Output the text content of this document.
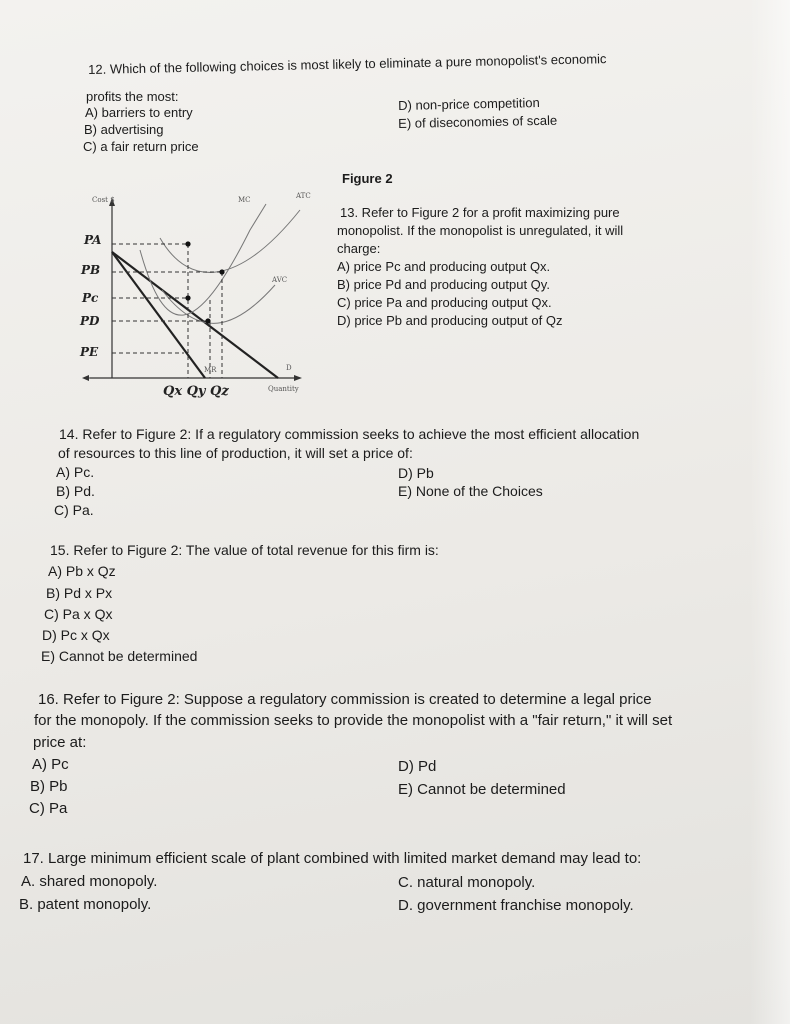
12. Which of the following choices is most likely to eliminate a pure monopolist's economic
profits the most:
A) barriers to entry
B) advertising
C) a fair return price
D) non-price competition
E) of diseconomies of scale
Figure 2
Cost $	MC	ATC
AVC
MR	D
Quantity
PA
PB
Pc
PD
PE
Qx Qy Qz
13. Refer to Figure 2 for a profit maximizing pure
monopolist. If the monopolist is unregulated, it will
charge:
A) price Pc and producing output Qx.
B) price Pd and producing output Qy.
C) price Pa and producing output Qx.
D) price Pb and producing output of Qz
14. Refer to Figure 2: If a regulatory commission seeks to achieve the most efficient allocation
of resources to this line of production, it will set a price of:
A) Pc.
B) Pd.
C) Pa.
D) Pb
E) None of the Choices
15. Refer to Figure 2: The value of total revenue for this firm is:
A) Pb x Qz
B) Pd x Px
C) Pa x Qx
D) Pc x Qx
E) Cannot be determined
16. Refer to Figure 2: Suppose a regulatory commission is created to determine a legal price
for the monopoly. If the commission seeks to provide the monopolist with a "fair return," it will set
price at:
A) Pc
B) Pb
C) Pa
D) Pd
E) Cannot be determined
17. Large minimum efficient scale of plant combined with limited market demand may lead to:
A. shared monopoly.
B. patent monopoly.
C. natural monopoly.
D. government franchise monopoly.
